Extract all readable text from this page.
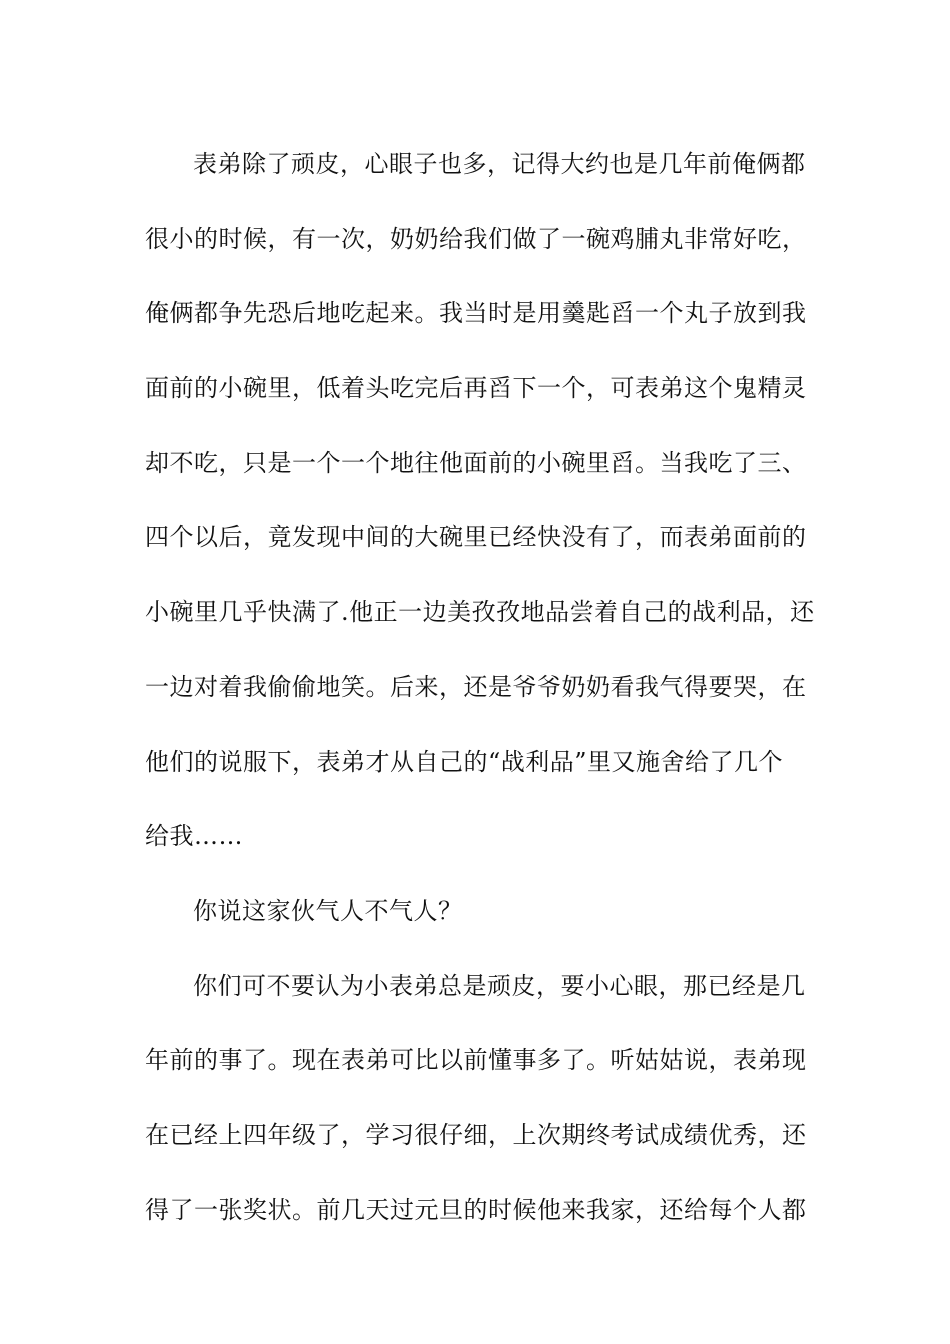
表弟除了顽皮，心眼子也多，记得大约也是几年前俺俩都
很小的时候，有一次，奶奶给我们做了一碗鸡脯丸非常好吃，
俺俩都争先恐后地吃起来。我当时是用羹匙舀一个丸子放到我
面前的小碗里，低着头吃完后再舀下一个，可表弟这个鬼精灵
却不吃，只是一个一个地往他面前的小碗里舀。当我吃了三、
四个以后，竟发现中间的大碗里已经快没有了，而表弟面前的
小碗里几乎快满了.他正一边美孜孜地品尝着自己的战利品，还
一边对着我偷偷地笑。后来，还是爷爷奶奶看我气得要哭，在
他们的说服下，表弟才从自己的“战利品”里又施舍给了几个
给我……
你说这家伙气人不气人？
你们可不要认为小表弟总是顽皮，要小心眼，那已经是几
年前的事了。现在表弟可比以前懂事多了。听姑姑说，表弟现
在已经上四年级了，学习很仔细，上次期终考试成绩优秀，还
得了一张奖状。前几天过元旦的时候他来我家，还给每个人都
